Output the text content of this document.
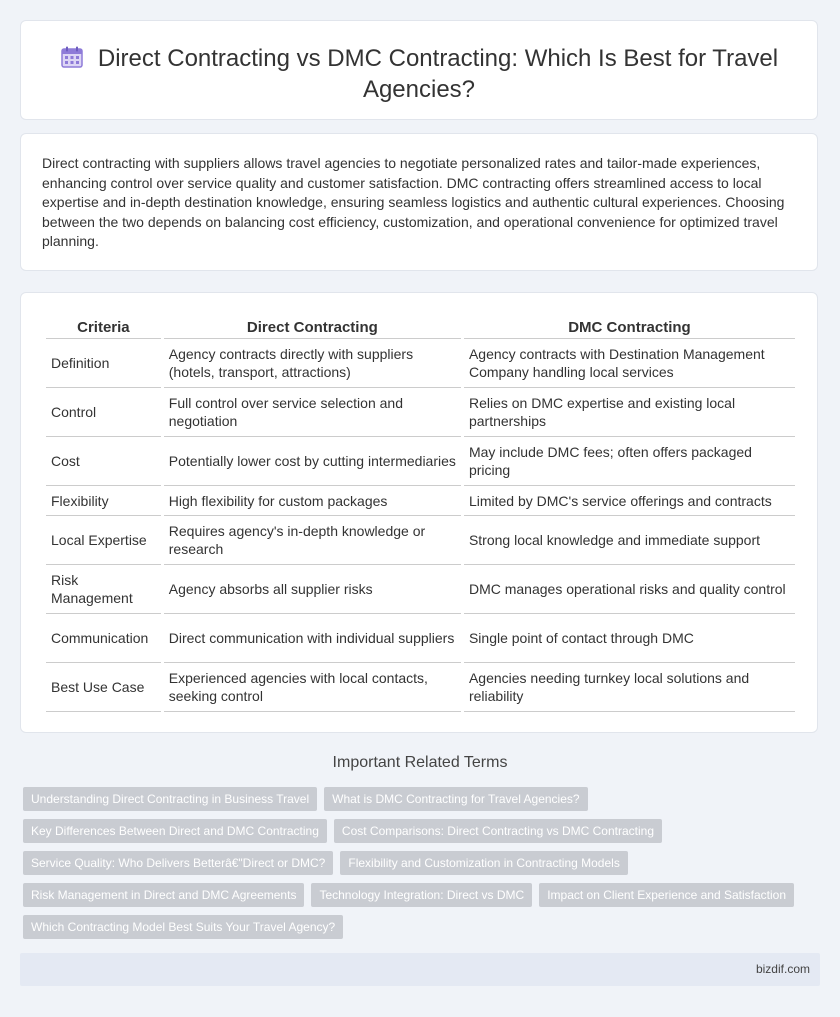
Direct Contracting vs DMC Contracting: Which Is Best for Travel Agencies?

Direct contracting with suppliers allows travel agencies to negotiate personalized rates and tailor-made experiences, enhancing control over service quality and customer satisfaction. DMC contracting offers streamlined access to local expertise and in-depth destination knowledge, ensuring seamless logistics and authentic cultural experiences. Choosing between the two depends on balancing cost efficiency, customization, and operational convenience for optimized travel planning.

Criteria	Direct Contracting	DMC Contracting
Definition	Agency contracts directly with suppliers (hotels, transport, attractions)	Agency contracts with Destination Management Company handling local services
Control	Full control over service selection and negotiation	Relies on DMC expertise and existing local partnerships
Cost	Potentially lower cost by cutting intermediaries	May include DMC fees; often offers packaged pricing
Flexibility	High flexibility for custom packages	Limited by DMC's service offerings and contracts
Local Expertise	Requires agency's in-depth knowledge or research	Strong local knowledge and immediate support
Risk Management	Agency absorbs all supplier risks	DMC manages operational risks and quality control
Communication	Direct communication with individual suppliers	Single point of contact through DMC
Best Use Case	Experienced agencies with local contacts, seeking control	Agencies needing turnkey local solutions and reliability
Important Related Terms
Understanding Direct Contracting in Business Travel	What is DMC Contracting for Travel Agencies?
Key Differences Between Direct and DMC Contracting	Cost Comparisons: Direct Contracting vs DMC Contracting
Service Quality: Who Delivers Betterâ€"Direct or DMC?	Flexibility and Customization in Contracting Models
Risk Management in Direct and DMC Agreements	Technology Integration: Direct vs DMC	Impact on Client Experience and Satisfaction
Which Contracting Model Best Suits Your Travel Agency?
bizdif.com
